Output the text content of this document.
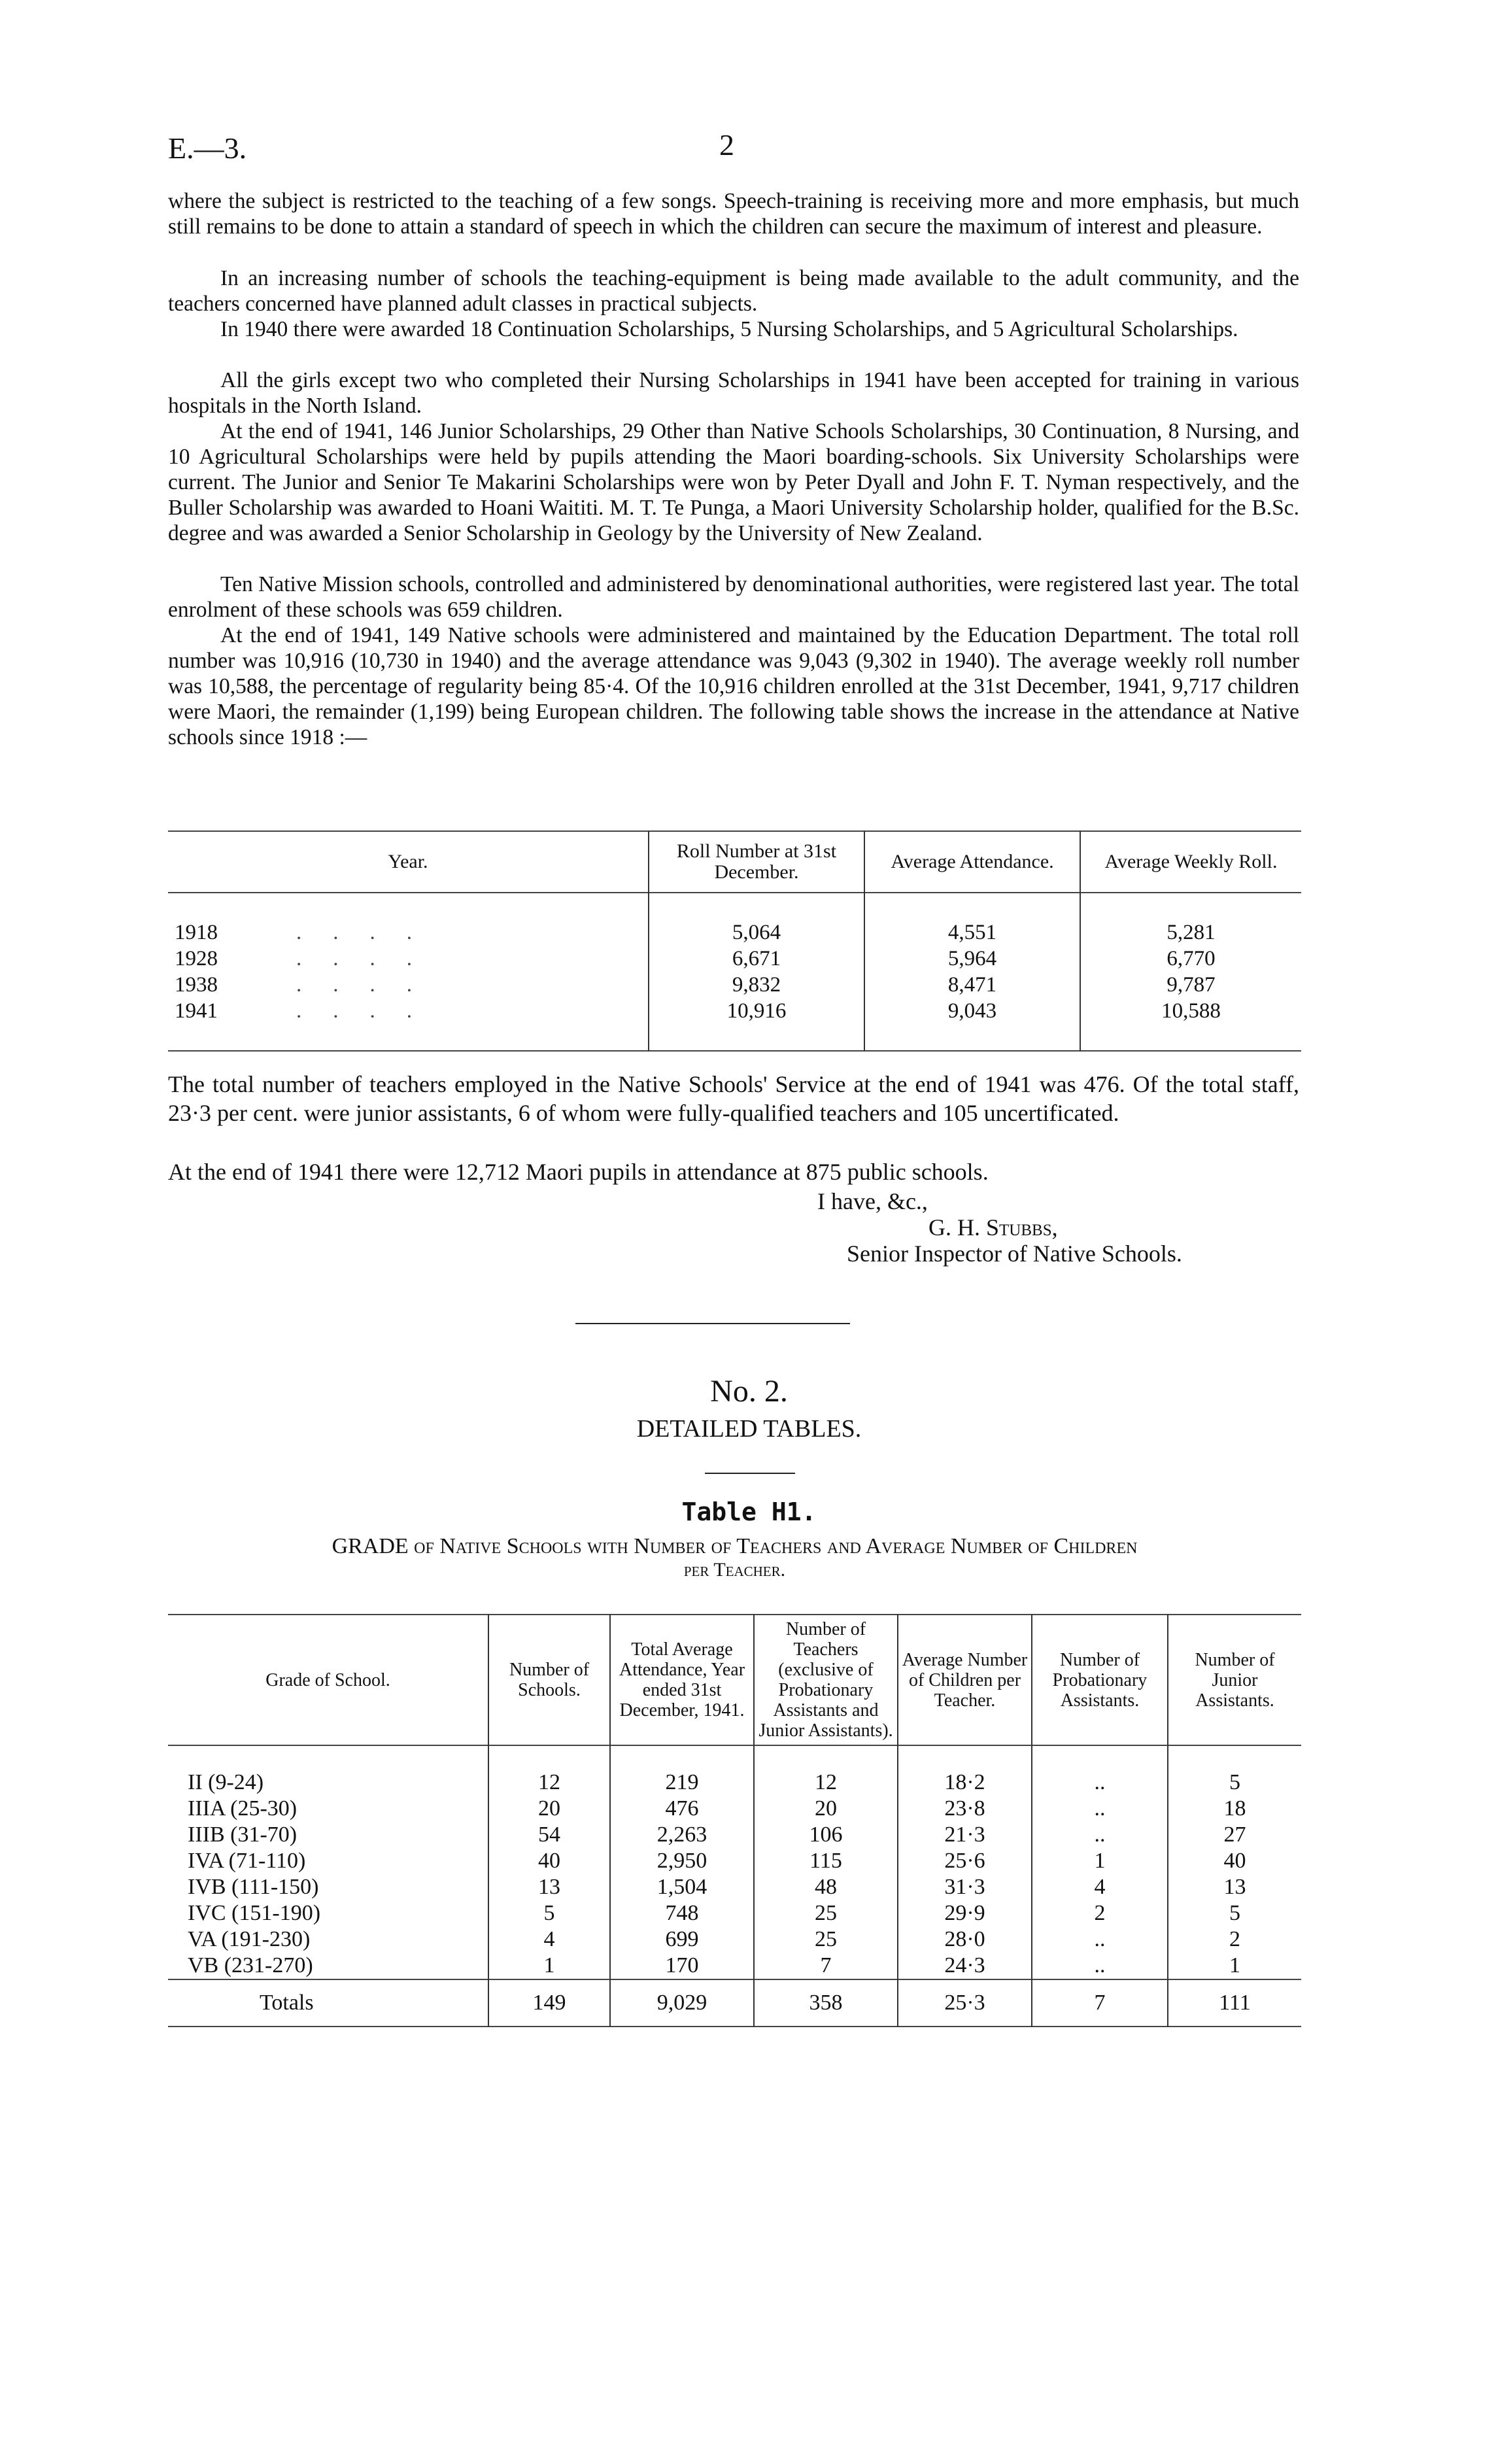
E.—3.	2
where the subject is restricted to the teaching of a few songs. Speech-training is receiving more and more emphasis, but much still remains to be done to attain a standard of speech in which the children can secure the maximum of interest and pleasure.
In an increasing number of schools the teaching-equipment is being made available to the adult community, and the teachers concerned have planned adult classes in practical subjects.
In 1940 there were awarded 18 Continuation Scholarships, 5 Nursing Scholarships, and 5 Agricultural Scholarships.
All the girls except two who completed their Nursing Scholarships in 1941 have been accepted for training in various hospitals in the North Island.
At the end of 1941, 146 Junior Scholarships, 29 Other than Native Schools Scholarships, 30 Continuation, 8 Nursing, and 10 Agricultural Scholarships were held by pupils attending the Maori boarding-schools. Six University Scholarships were current. The Junior and Senior Te Makarini Scholarships were won by Peter Dyall and John F. T. Nyman respectively, and the Buller Scholarship was awarded to Hoani Waititi. M. T. Te Punga, a Maori University Scholarship holder, qualified for the B.Sc. degree and was awarded a Senior Scholarship in Geology by the University of New Zealand.
Ten Native Mission schools, controlled and administered by denominational authorities, were registered last year. The total enrolment of these schools was 659 children.
At the end of 1941, 149 Native schools were administered and maintained by the Education Department. The total roll number was 10,916 (10,730 in 1940) and the average attendance was 9,043 (9,302 in 1940). The average weekly roll number was 10,588, the percentage of regularity being 85·4. Of the 10,916 children enrolled at the 31st December, 1941, 9,717 children were Maori, the remainder (1,199) being European children. The following table shows the increase in the attendance at Native schools since 1918 :—
Year.	Roll Number at 31st December.	Average Attendance.	Average Weekly Roll.

1918 ....	5,064	4,551	5,281
1928 ....	6,671	5,964	6,770
1938 ....	9,832	8,471	9,787
1941 ....	10,916	9,043	10,588

The total number of teachers employed in the Native Schools' Service at the end of 1941 was 476. Of the total staff, 23·3 per cent. were junior assistants, 6 of whom were fully-qualified teachers and 105 uncertificated.
At the end of 1941 there were 12,712 Maori pupils in attendance at 875 public schools.
I have, &c.,
G. H. Stubbs,
Senior Inspector of Native Schools.
No. 2.
DETAILED TABLES.
Table H1.
GRADE of Native Schools with Number of Teachers and Average Number of Children
per Teacher.
Grade of School.	Number of Schools.	Total Average Attendance, Year ended 31st December, 1941.	Number of Teachers (exclusive of Probationary Assistants and Junior Assistants).	Average Number of Children per Teacher.	Number of Probationary Assistants.	Number of Junior Assistants.

II (9-24)	12	219	12	18·2	..	5
IIIA (25-30)	20	476	20	23·8	..	18
IIIB (31-70)	54	2,263	106	21·3	..	27
IVA (71-110)	40	2,950	115	25·6	1	40
IVB (111-150)	13	1,504	48	31·3	4	13
IVC (151-190)	5	748	25	29·9	2	5
VA (191-230)	4	699	25	28·0	..	2
VB (231-270)	1	170	7	24·3	..	1
Totals	149	9,029	358	25·3	7	111
